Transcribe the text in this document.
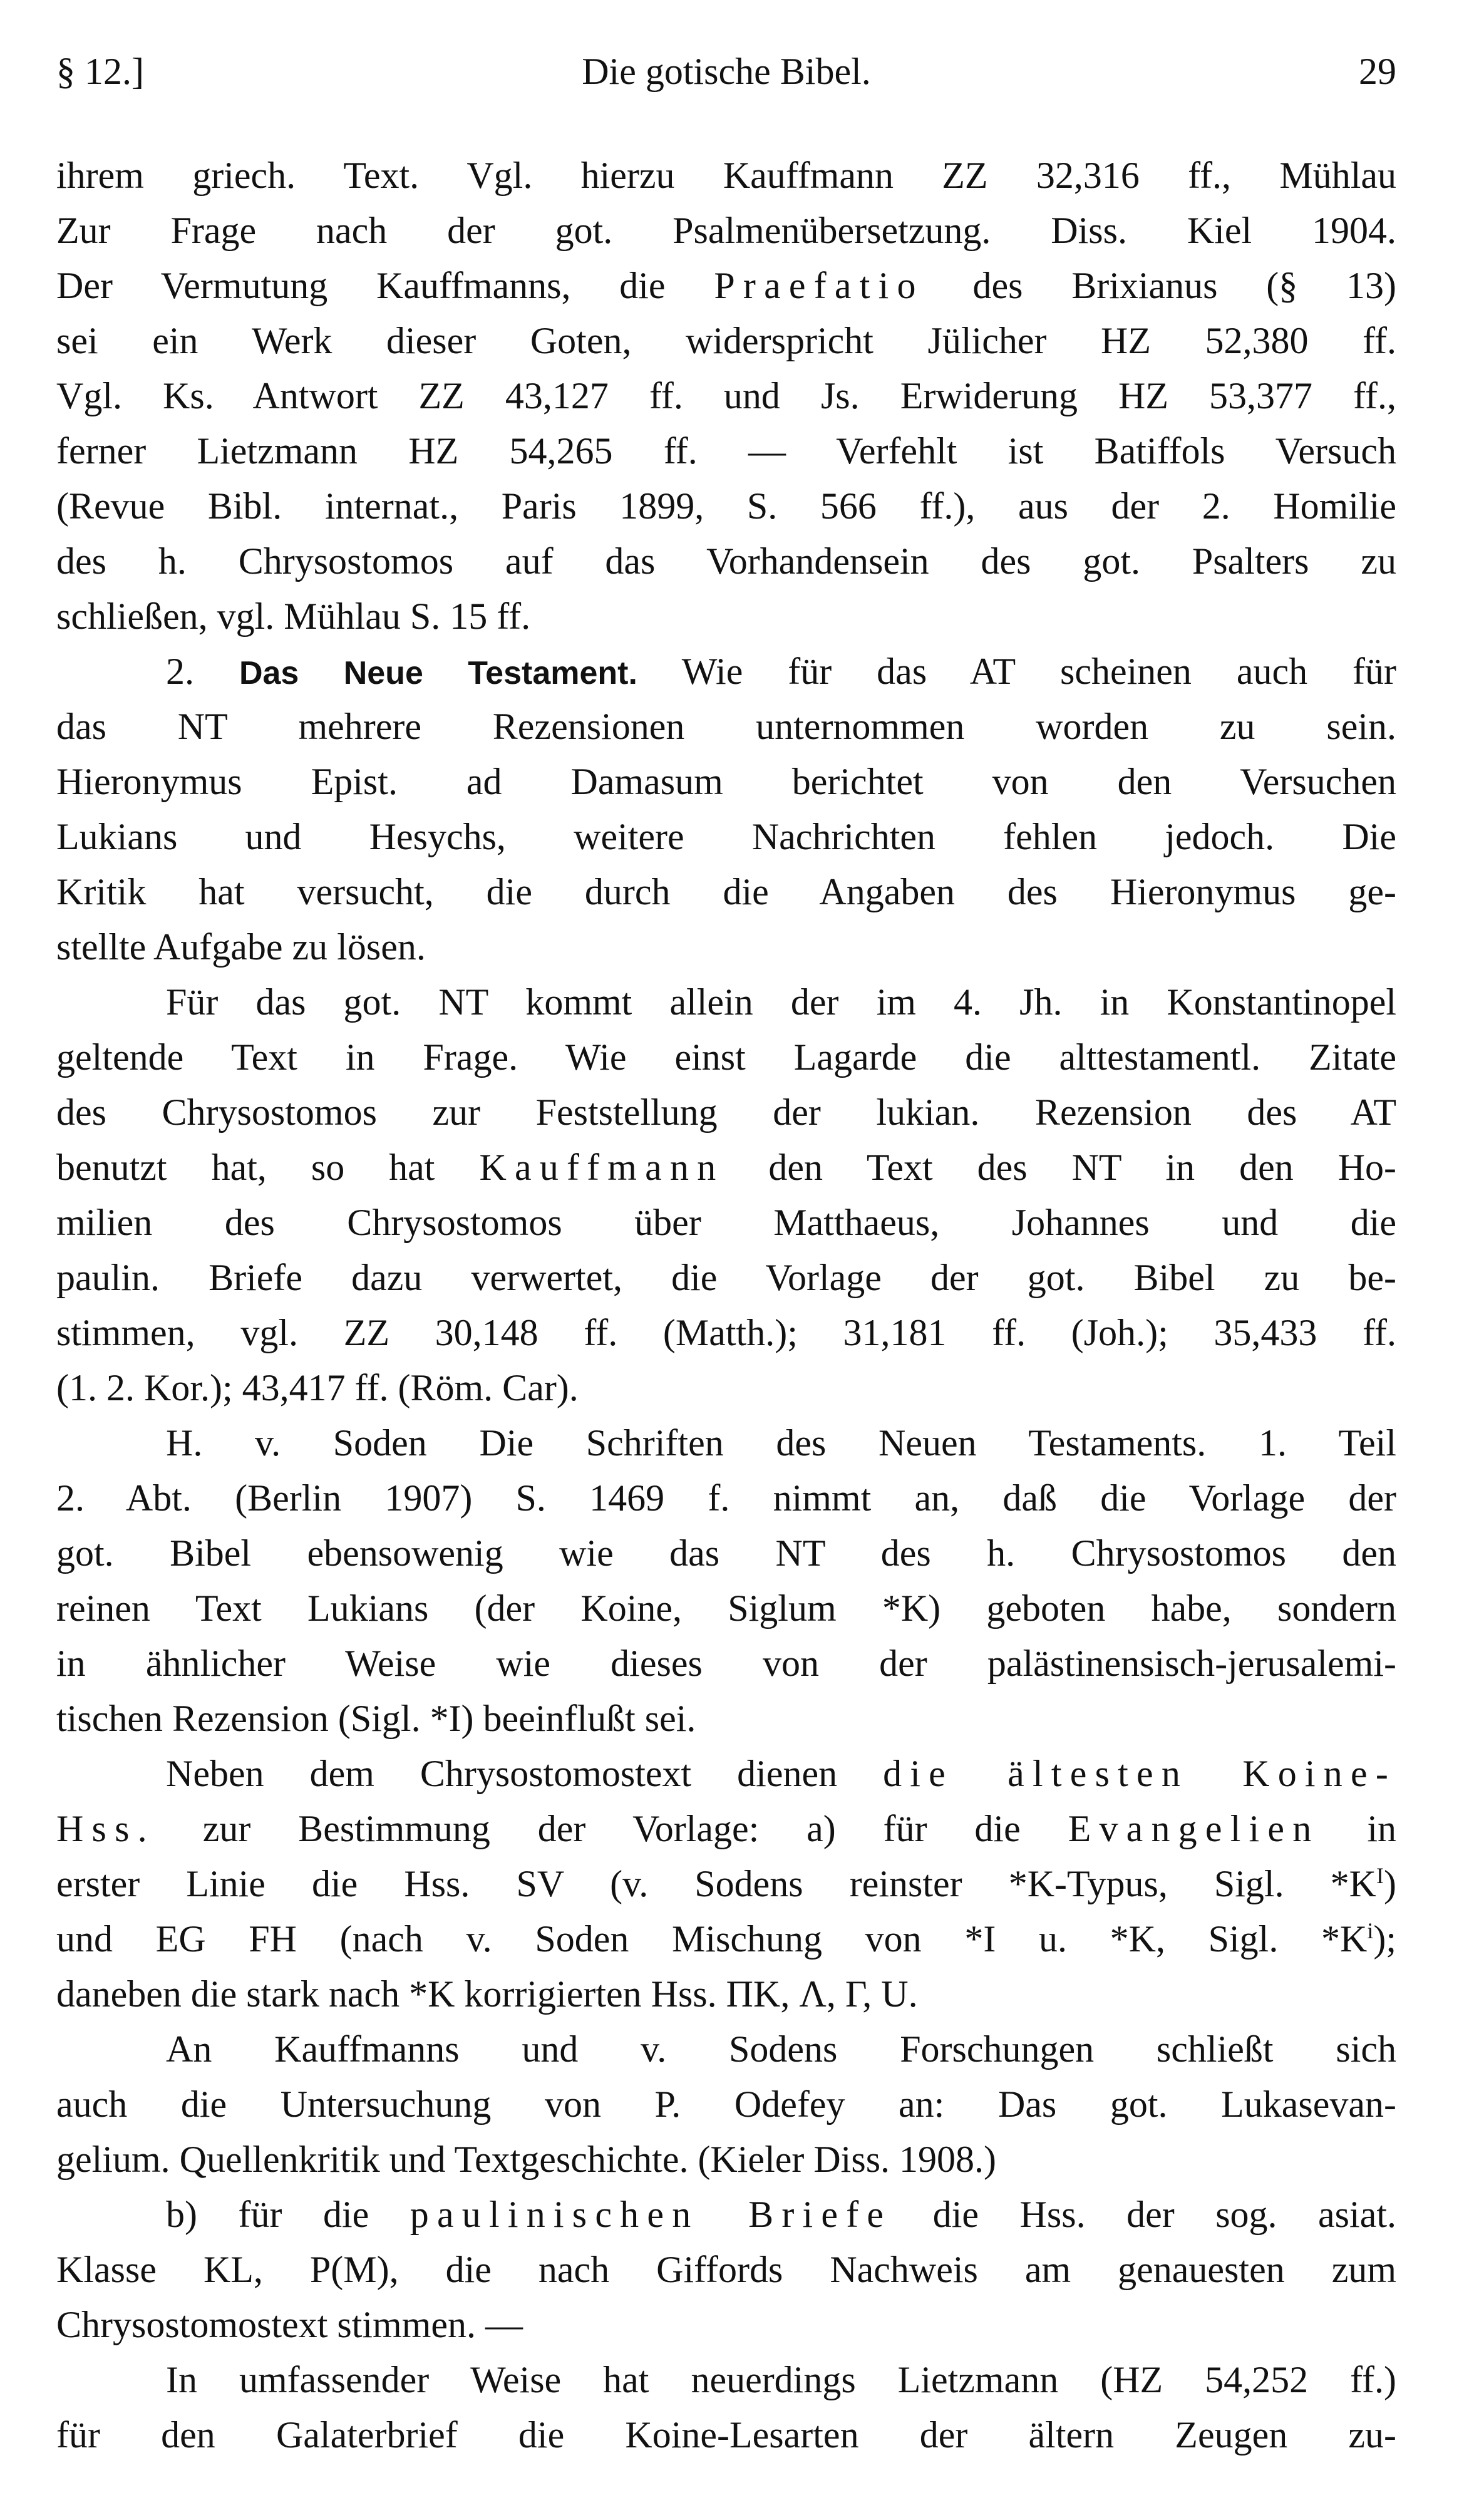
§ 12.]	Die gotische Bibel.	29
ihrem griech. Text. Vgl. hierzu Kauffmann ZZ 32,316 ff., Mühlau
Zur Frage nach der got. Psalmenübersetzung. Diss. Kiel 1904.
Der Vermutung Kauffmanns, die Praefatio des Brixianus (§ 13)
sei ein Werk dieser Goten, widerspricht Jülicher HZ 52,380 ff.
Vgl. Ks. Antwort ZZ 43,127 ff. und Js. Erwiderung HZ 53,377 ff.,
ferner Lietzmann HZ 54,265 ff. — Verfehlt ist Batiffols Versuch
(Revue Bibl. internat., Paris 1899, S. 566 ff.), aus der 2. Homilie
des h. Chrysostomos auf das Vorhandensein des got. Psalters zu
schließen, vgl. Mühlau S. 15 ff.
2. Das Neue Testament. Wie für das AT scheinen auch für
das NT mehrere Rezensionen unternommen worden zu sein.
Hieronymus Epist. ad Damasum berichtet von den Versuchen
Lukians und Hesychs, weitere Nachrichten fehlen jedoch. Die
Kritik hat versucht, die durch die Angaben des Hieronymus ge-
stellte Aufgabe zu lösen.
Für das got. NT kommt allein der im 4. Jh. in Konstantinopel
geltende Text in Frage. Wie einst Lagarde die alttestamentl. Zitate
des Chrysostomos zur Feststellung der lukian. Rezension des AT
benutzt hat, so hat Kauffmann den Text des NT in den Ho-
milien des Chrysostomos über Matthaeus, Johannes und die
paulin. Briefe dazu verwertet, die Vorlage der got. Bibel zu be-
stimmen, vgl. ZZ 30,148 ff. (Matth.); 31,181 ff. (Joh.); 35,433 ff.
(1. 2. Kor.); 43,417 ff. (Röm. Car).
H. v. Soden Die Schriften des Neuen Testaments. 1. Teil
2. Abt. (Berlin 1907) S. 1469 f. nimmt an, daß die Vorlage der
got. Bibel ebensowenig wie das NT des h. Chrysostomos den
reinen Text Lukians (der Koine, Siglum *K) geboten habe, sondern
in ähnlicher Weise wie dieses von der palästinensisch-jerusalemi-
tischen Rezension (Sigl. *I) beeinflußt sei.
Neben dem Chrysostomostext dienen die ältesten Koine-
Hss. zur Bestimmung der Vorlage: a) für die Evangelien in
erster Linie die Hss. SV (v. Sodens reinster *K-Typus, Sigl. $*K^I$)
und EG FH (nach v. Soden Mischung von *I u. *K, Sigl. $*K^i$);
daneben die stark nach *K korrigierten Hss. ΠK, Λ, Γ, U.
An Kauffmanns und v. Sodens Forschungen schließt sich
auch die Untersuchung von P. Odefey an: Das got. Lukasevan-
gelium. Quellenkritik und Textgeschichte. (Kieler Diss. 1908.)
b) für die paulinischen Briefe die Hss. der sog. asiat.
Klasse KL, P(M), die nach Giffords Nachweis am genauesten zum
Chrysostomostext stimmen. —
In umfassender Weise hat neuerdings Lietzmann (HZ 54,252 ff.)
für den Galaterbrief die Koine-Lesarten der ältern Zeugen zu-
